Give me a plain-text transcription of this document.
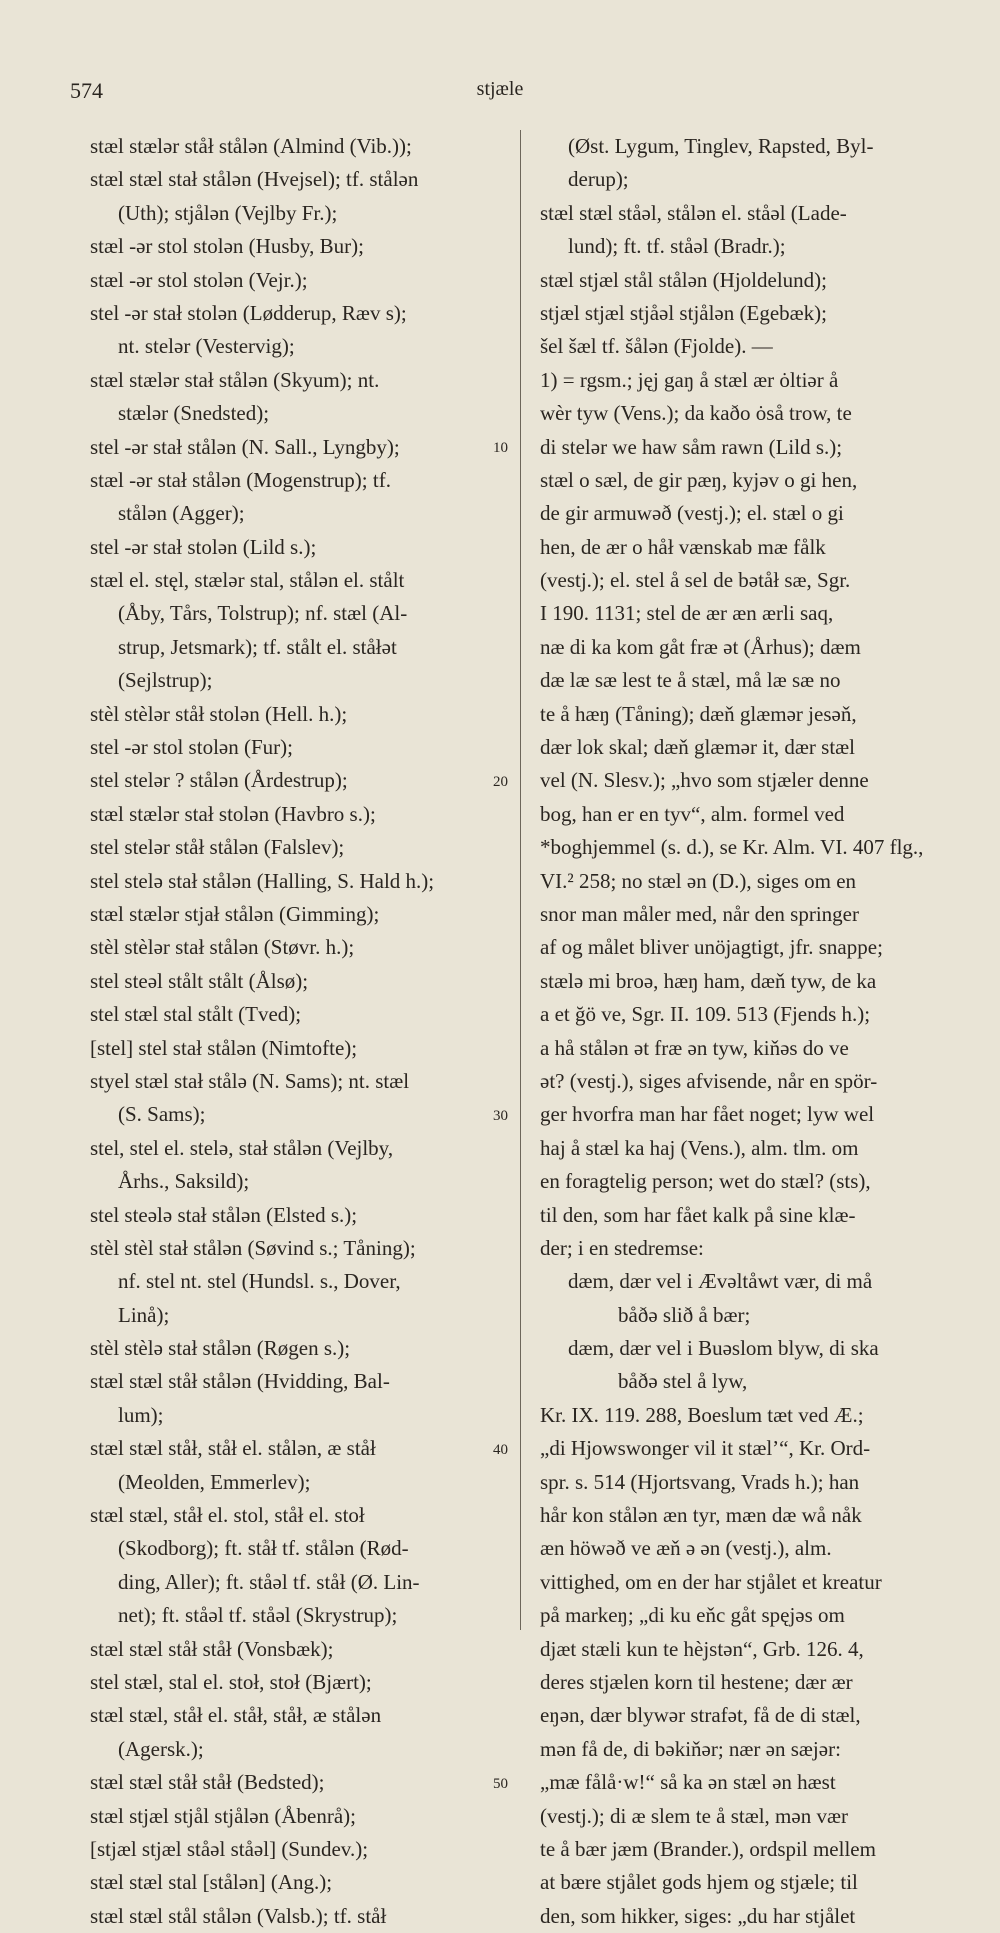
574	stjæle
stæl stælər ståł stålən (Almind (Vib.));
stæl stæl stał stålən (Hvejsel); tf. stålən
(Uth); stjålən (Vejlby Fr.);
stæl -ər stol stolən (Husby, Bur);
stæl -ər stol stolən (Vejr.);
stel -ər stał stolən (Lødderup, Ræv s);
nt. stelər (Vestervig);
stæl stælər stał stålən (Skyum); nt.
stælər (Snedsted);
stel -ər stał stålən (N. Sall., Lyngby);
stæl -ər stał stålən (Mogenstrup); tf.
stålən (Agger);
stel -ər stał stolən (Lild s.);
stæl el. stęl, stælər stal, stålən el. stålt
(Åby, Tårs, Tolstrup); nf. stæl (Al-
strup, Jetsmark); tf. stålt el. ståłət
(Sejlstrup);
stèl stèlər ståł stolən (Hell. h.);
stel -ər stol stolən (Fur);
stel stelər ? stålən (Årdestrup);
stæl stælər stał stolən (Havbro s.);
stel stelər ståł stålən (Falslev);
stel stelə stał stålən (Halling, S. Hald h.);
stæl stælər stjał stålən (Gimming);
stèl stèlər stał stålən (Støvr. h.);
stel steəl stålt stålt (Ålsø);
stel stæl stal stålt (Tved);
[stel] stel stał stålən (Nimtofte);
styel stæl stał stålə (N. Sams); nt. stæl
(S. Sams);
stel, stel el. stelə, stał stålən (Vejlby,
Århs., Saksild);
stel steələ stał stålən (Elsted s.);
stèl stèl stał stålən (Søvind s.; Tåning);
nf. stel nt. stel (Hundsl. s., Dover,
Linå);
stèl stèlə stał stålən (Røgen s.);
stæl stæl ståł stålən (Hvidding, Bal-
lum);
stæl stæl ståł, ståł el. stålən, æ ståł
(Meolden, Emmerlev);
stæl stæl, ståł el. stol, ståł el. stoł
(Skodborg); ft. ståł tf. stålən (Rød-
ding, Aller); ft. ståəl tf. ståł (Ø. Lin-
net); ft. ståəl tf. ståəl (Skrystrup);
stæl stæl ståł ståł (Vonsbæk);
stel stæl, stal el. stoł, stoł (Bjært);
stæl stæl, ståł el. ståł, ståł, æ stålən
(Agersk.);
stæl stæl ståł ståł (Bedsted);
stæl stjæl stjål stjålən (Åbenrå);
[stjæl stjæl ståəl ståəl] (Sundev.);
stæl stæl stal [stålən] (Ang.);
stæl stæl stål stålən (Valsb.); tf. ståł
10
20
30
40
50
(Øst. Lygum, Tinglev, Rapsted, Byl-
derup);
stæl stæl ståəl, stålən el. ståəl (Lade-
lund); ft. tf. ståəl (Bradr.);
stæl stjæl stål stålən (Hjoldelund);
stjæl stjæl stjåəl stjålən (Egebæk);
šel šæl tf. šålən (Fjolde). —
1) = rgsm.; jęj gaŋ å stæl ær ȯltiər å
wèr tyw (Vens.); da kaðo ȯså trow, te
di stelər we haw såm rawn (Lild s.);
stæl o sæl, de gir pæŋ, kyjəv o gi hen,
de gir armuwəð (vestj.); el. stæl o gi
hen, de ær o håł vænskab mæ fålk
(vestj.); el. stel å sel de bətåł sæ, Sgr.
I 190. 1131; stel de ær æn ærli saq,
næ di ka kom gåt fræ ət (Århus); dæm
dæ læ sæ lest te å stæl, må læ sæ no
te å hæŋ (Tåning); dæň glæmər jesəň,
dær lok skal; dæň glæmər it, dær stæl
vel (N. Slesv.); „hvo som stjæler denne
bog, han er en tyv“, alm. formel ved
*boghjemmel (s. d.), se Kr. Alm. VI. 407 flg.,
VI.² 258; no stæl ən (D.), siges om en
snor man måler med, når den springer
af og målet bliver unöjagtigt, jfr. snappe;
stælə mi broə, hæŋ ham, dæň tyw, de ka
a et ğö ve, Sgr. II. 109. 513 (Fjends h.);
a hå stålən ət fræ ən tyw, kiňəs do ve
ət? (vestj.), siges afvisende, når en spör-
ger hvorfra man har fået noget; lyw wel
haj å stæl ka haj (Vens.), alm. tlm. om
en foragtelig person; wet do stæl? (sts),
til den, som har fået kalk på sine klæ-
der; i en stedremse:
dæm, dær vel i Ævəltåwt vær, di må
båðə slið å bær;
dæm, dær vel i Buəslom blyw, di ska
båðə stel å lyw,
Kr. IX. 119. 288, Boeslum tæt ved Æ.;
„di Hjowswonger vil it stæl’“, Kr. Ord-
spr. s. 514 (Hjortsvang, Vrads h.); han
hår kon stålən æn tyr, mæn dæ wå nåk
æn höwəð ve æň ə ən (vestj.), alm.
vittighed, om en der har stjålet et kreatur
på markeŋ; „di ku eňc gåt spęjəs om
djæt stæli kun te hèjstən“, Grb. 126. 4,
deres stjælen korn til hestene; dær ær
eŋən, dær blywər strafət, få de di stæl,
mən få de, di bəkiňər; nær ən sæjər:
„mæ fålå·w!“ så ka ən stæl ən hæst
(vestj.); di æ slem te å stæl, mən vær
te å bær jæm (Brander.), ordspil mellem
at bære stjålet gods hjem og stjæle; til
den, som hikker, siges: „du har stjålet
